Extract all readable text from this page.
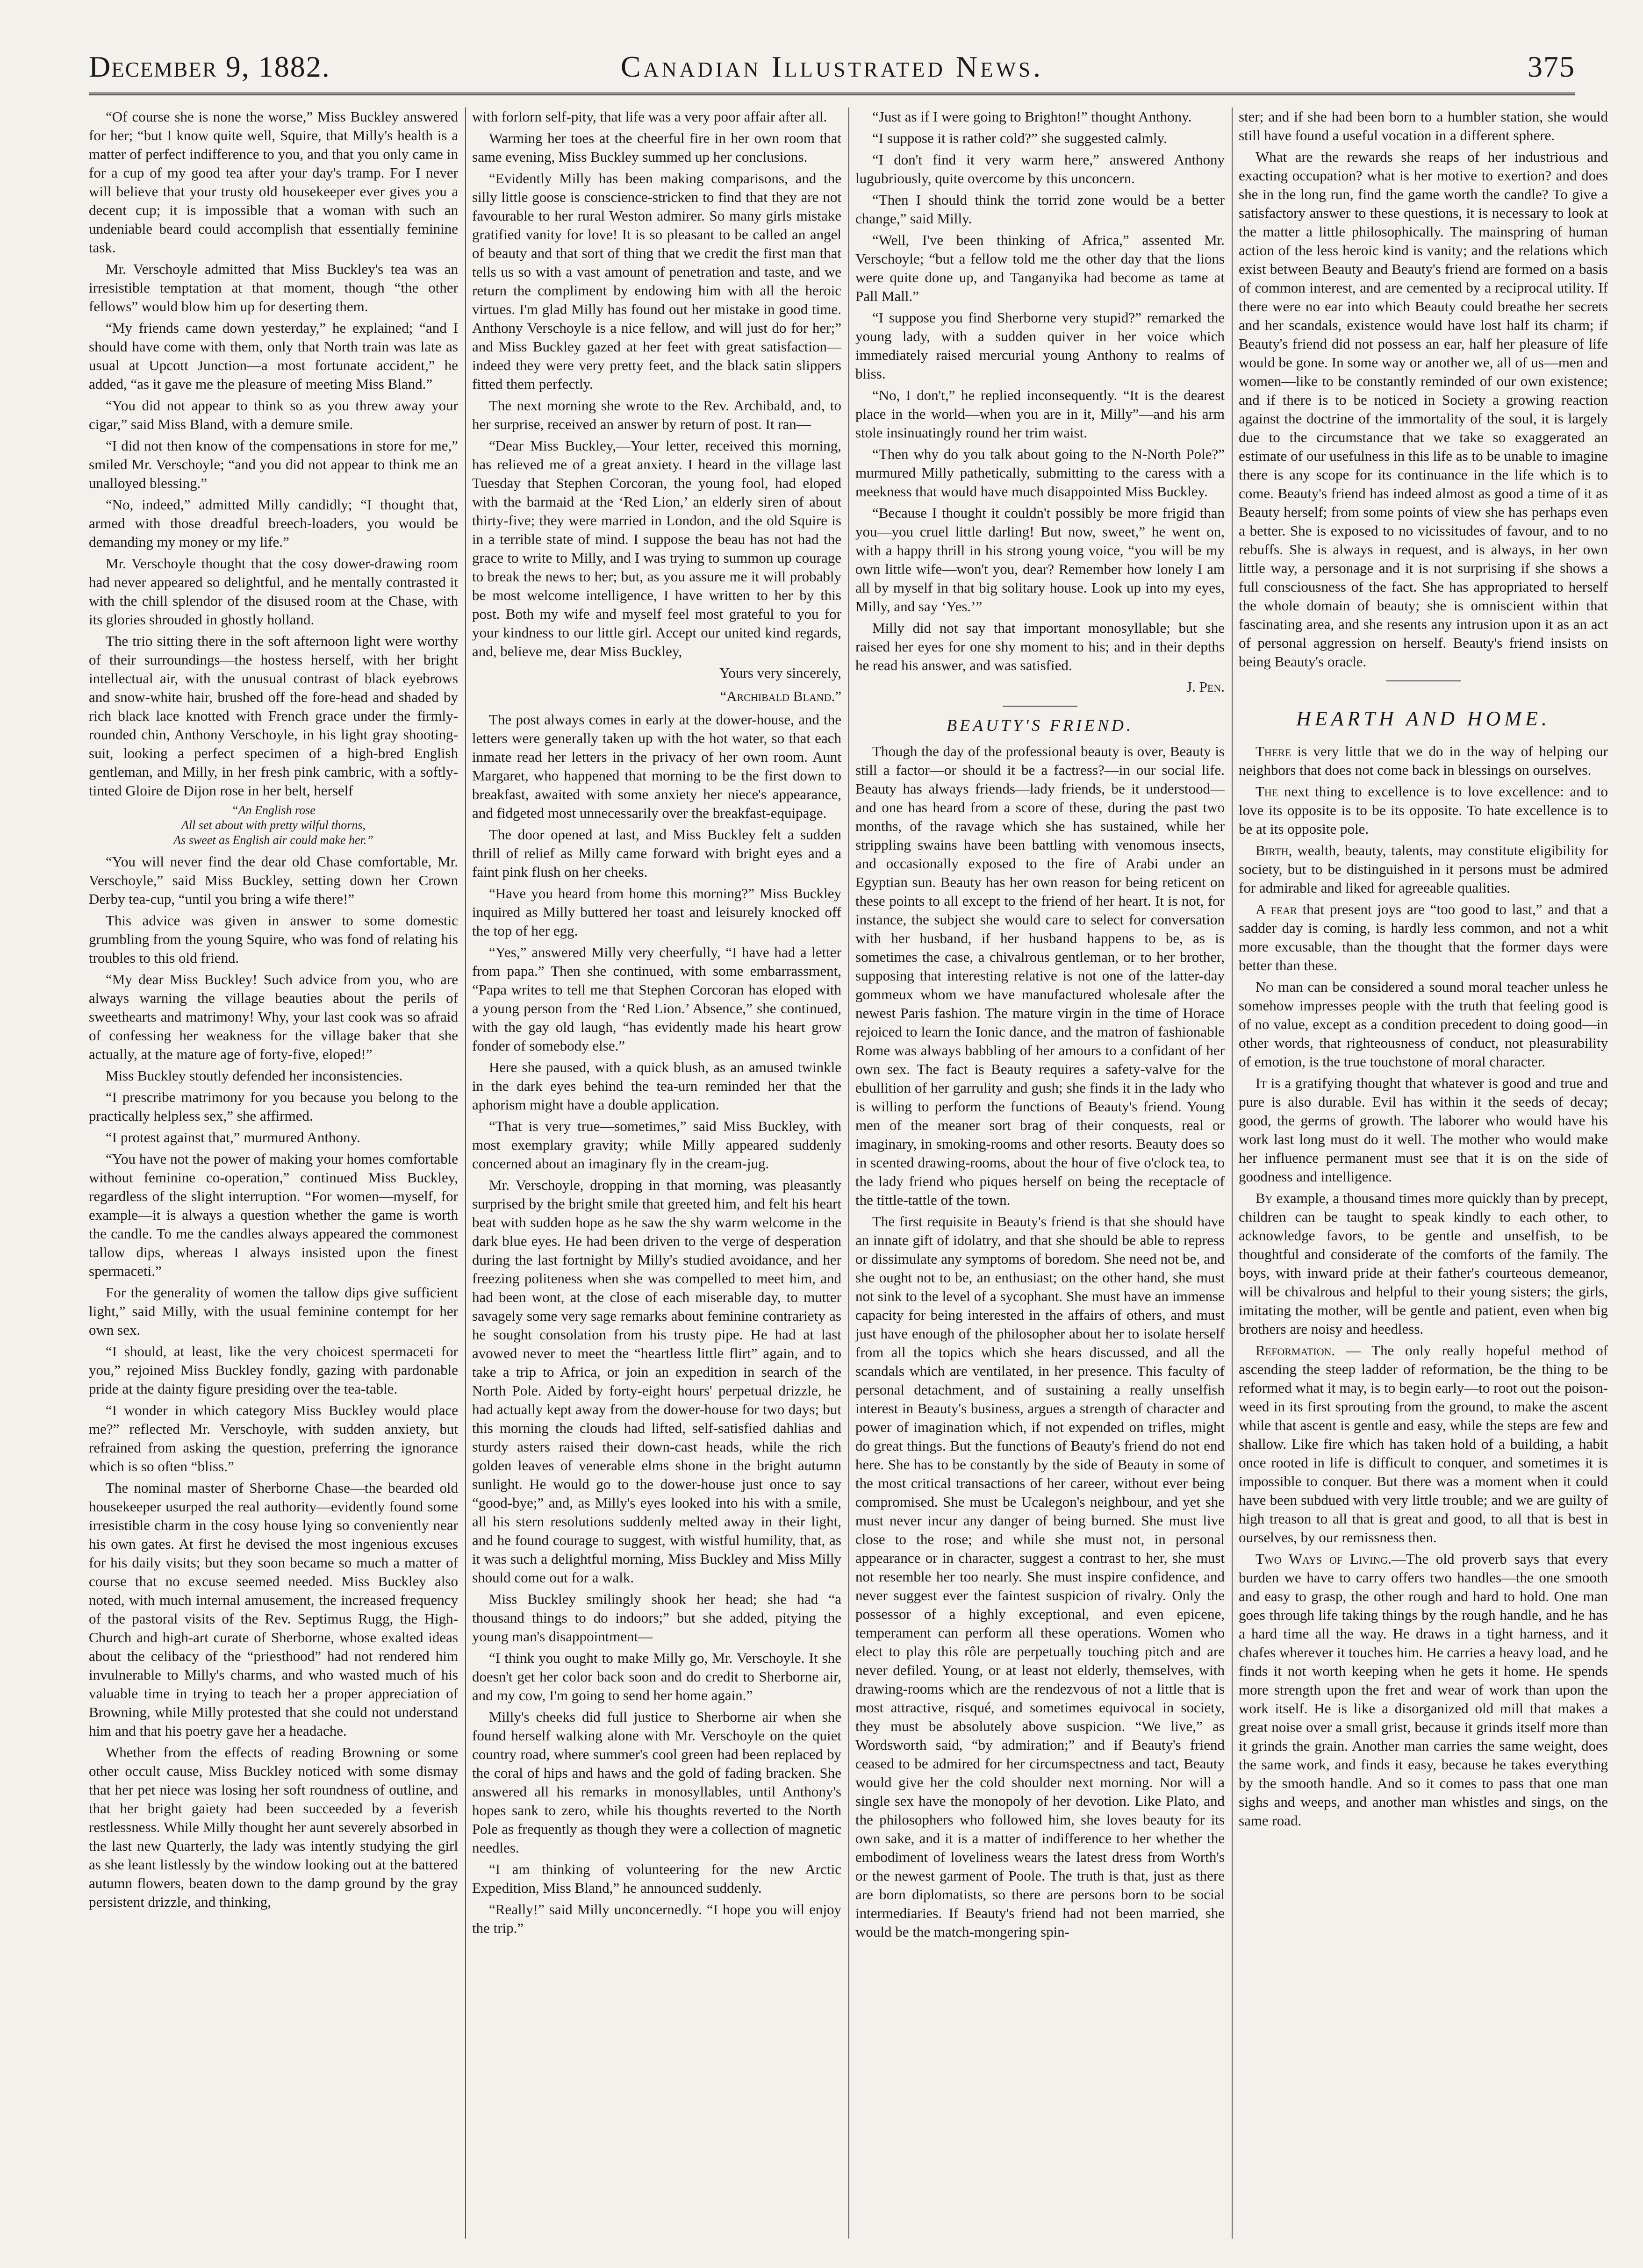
December 9, 1882.	Canadian Illustrated News.	375

“Of course she is none the worse,” Miss Buckley answered for her; “but I know quite well, Squire, that Milly's health is a matter of perfect indifference to you, and that you only came in for a cup of my good tea after your day's tramp. For I never will believe that your trusty old housekeeper ever gives you a decent cup; it is impossible that a woman with such an undeniable beard could accomplish that essentially feminine task.

Mr. Verschoyle admitted that Miss Buckley's tea was an irresistible temptation at that moment, though “the other fellows” would blow him up for deserting them.

“My friends came down yesterday,” he explained; “and I should have come with them, only that North train was late as usual at Upcott Junction—a most fortunate accident,” he added, “as it gave me the pleasure of meeting Miss Bland.”

“You did not appear to think so as you threw away your cigar,” said Miss Bland, with a demure smile.

“I did not then know of the compensations in store for me,” smiled Mr. Verschoyle; “and you did not appear to think me an unalloyed blessing.”

“No, indeed,” admitted Milly candidly; “I thought that, armed with those dreadful breech-loaders, you would be demanding my money or my life.”

Mr. Verschoyle thought that the cosy dower-drawing room had never appeared so delightful, and he mentally contrasted it with the chill splendor of the disused room at the Chase, with its glories shrouded in ghostly holland.

The trio sitting there in the soft afternoon light were worthy of their surroundings—the hostess herself, with her bright intellectual air, with the unusual contrast of black eyebrows and snow-white hair, brushed off the fore-head and shaded by rich black lace knotted with French grace under the firmly-rounded chin, Anthony Verschoyle, in his light gray shooting-suit, looking a perfect specimen of a high-bred English gentleman, and Milly, in her fresh pink cambric, with a softly-tinted Gloire de Dijon rose in her belt, herself

“An English rose
All set about with pretty wilful thorns,
As sweet as English air could make her.”

“You will never find the dear old Chase comfortable, Mr. Verschoyle,” said Miss Buckley, setting down her Crown Derby tea-cup, “until you bring a wife there!”

This advice was given in answer to some domestic grumbling from the young Squire, who was fond of relating his troubles to this old friend.

“My dear Miss Buckley! Such advice from you, who are always warning the village beauties about the perils of sweethearts and matrimony! Why, your last cook was so afraid of confessing her weakness for the village baker that she actually, at the mature age of forty-five, eloped!”

Miss Buckley stoutly defended her inconsistencies.

“I prescribe matrimony for you because you belong to the practically helpless sex,” she affirmed.

“I protest against that,” murmured Anthony.

“You have not the power of making your homes comfortable without feminine co-operation,” continued Miss Buckley, regardless of the slight interruption. “For women—myself, for example—it is always a question whether the game is worth the candle. To me the candles always appeared the commonest tallow dips, whereas I always insisted upon the finest spermaceti.”

For the generality of women the tallow dips give sufficient light,” said Milly, with the usual feminine contempt for her own sex.

“I should, at least, like the very choicest spermaceti for you,” rejoined Miss Buckley fondly, gazing with pardonable pride at the dainty figure presiding over the tea-table.

“I wonder in which category Miss Buckley would place me?” reflected Mr. Verschoyle, with sudden anxiety, but refrained from asking the question, preferring the ignorance which is so often “bliss.”

The nominal master of Sherborne Chase—the bearded old housekeeper usurped the real authority—evidently found some irresistible charm in the cosy house lying so conveniently near his own gates. At first he devised the most ingenious excuses for his daily visits; but they soon became so much a matter of course that no excuse seemed needed. Miss Buckley also noted, with much internal amusement, the increased frequency of the pastoral visits of the Rev. Septimus Rugg, the High-Church and high-art curate of Sherborne, whose exalted ideas about the celibacy of the “priesthood” had not rendered him invulnerable to Milly's charms, and who wasted much of his valuable time in trying to teach her a proper appreciation of Browning, while Milly protested that she could not understand him and that his poetry gave her a headache.

Whether from the effects of reading Browning or some other occult cause, Miss Buckley noticed with some dismay that her pet niece was losing her soft roundness of outline, and that her bright gaiety had been succeeded by a feverish restlessness. While Milly thought her aunt severely absorbed in the last new Quarterly, the lady was intently studying the girl as she leant listlessly by the window looking out at the battered autumn flowers, beaten down to the damp ground by the gray persistent drizzle, and thinking,

with forlorn self-pity, that life was a very poor affair after all.

Warming her toes at the cheerful fire in her own room that same evening, Miss Buckley summed up her conclusions.

“Evidently Milly has been making comparisons, and the silly little goose is conscience-stricken to find that they are not favourable to her rural Weston admirer. So many girls mistake gratified vanity for love! It is so pleasant to be called an angel of beauty and that sort of thing that we credit the first man that tells us so with a vast amount of penetration and taste, and we return the compliment by endowing him with all the heroic virtues. I'm glad Milly has found out her mistake in good time. Anthony Verschoyle is a nice fellow, and will just do for her;” and Miss Buckley gazed at her feet with great satisfaction—indeed they were very pretty feet, and the black satin slippers fitted them perfectly.

The next morning she wrote to the Rev. Archibald, and, to her surprise, received an answer by return of post. It ran—

“Dear Miss Buckley,—Your letter, received this morning, has relieved me of a great anxiety. I heard in the village last Tuesday that Stephen Corcoran, the young fool, had eloped with the barmaid at the ‘Red Lion,’ an elderly siren of about thirty-five; they were married in London, and the old Squire is in a terrible state of mind. I suppose the beau has not had the grace to write to Milly, and I was trying to summon up courage to break the news to her; but, as you assure me it will probably be most welcome intelligence, I have written to her by this post. Both my wife and myself feel most grateful to you for your kindness to our little girl. Accept our united kind regards, and, believe me, dear Miss Buckley,

Yours very sincerely,
“Archibald Bland.”

The post always comes in early at the dower-house, and the letters were generally taken up with the hot water, so that each inmate read her letters in the privacy of her own room. Aunt Margaret, who happened that morning to be the first down to breakfast, awaited with some anxiety her niece's appearance, and fidgeted most unnecessarily over the breakfast-equipage.

The door opened at last, and Miss Buckley felt a sudden thrill of relief as Milly came forward with bright eyes and a faint pink flush on her cheeks.

“Have you heard from home this morning?” Miss Buckley inquired as Milly buttered her toast and leisurely knocked off the top of her egg.

“Yes,” answered Milly very cheerfully, “I have had a letter from papa.” Then she continued, with some embarrassment, “Papa writes to tell me that Stephen Corcoran has eloped with a young person from the ‘Red Lion.’ Absence,” she continued, with the gay old laugh, “has evidently made his heart grow fonder of somebody else.”

Here she paused, with a quick blush, as an amused twinkle in the dark eyes behind the tea-urn reminded her that the aphorism might have a double application.

“That is very true—sometimes,” said Miss Buckley, with most exemplary gravity; while Milly appeared suddenly concerned about an imaginary fly in the cream-jug.

Mr. Verschoyle, dropping in that morning, was pleasantly surprised by the bright smile that greeted him, and felt his heart beat with sudden hope as he saw the shy warm welcome in the dark blue eyes. He had been driven to the verge of desperation during the last fortnight by Milly's studied avoidance, and her freezing politeness when she was compelled to meet him, and had been wont, at the close of each miserable day, to mutter savagely some very sage remarks about feminine contrariety as he sought consolation from his trusty pipe. He had at last avowed never to meet the “heartless little flirt” again, and to take a trip to Africa, or join an expedition in search of the North Pole. Aided by forty-eight hours' perpetual drizzle, he had actually kept away from the dower-house for two days; but this morning the clouds had lifted, self-satisfied dahlias and sturdy asters raised their down-cast heads, while the rich golden leaves of venerable elms shone in the bright autumn sunlight. He would go to the dower-house just once to say “good-bye;” and, as Milly's eyes looked into his with a smile, all his stern resolutions suddenly melted away in their light, and he found courage to suggest, with wistful humility, that, as it was such a delightful morning, Miss Buckley and Miss Milly should come out for a walk.

Miss Buckley smilingly shook her head; she had “a thousand things to do indoors;” but she added, pitying the young man's disappointment—

“I think you ought to make Milly go, Mr. Verschoyle. It she doesn't get her color back soon and do credit to Sherborne air, and my cow, I'm going to send her home again.”

Milly's cheeks did full justice to Sherborne air when she found herself walking alone with Mr. Verschoyle on the quiet country road, where summer's cool green had been replaced by the coral of hips and haws and the gold of fading bracken. She answered all his remarks in monosyllables, until Anthony's hopes sank to zero, while his thoughts reverted to the North Pole as frequently as though they were a collection of magnetic needles.

“I am thinking of volunteering for the new Arctic Expedition, Miss Bland,” he announced suddenly.

“Really!” said Milly unconcernedly. “I hope you will enjoy the trip.”

“Just as if I were going to Brighton!” thought Anthony.

“I suppose it is rather cold?” she suggested calmly.

“I don't find it very warm here,” answered Anthony lugubriously, quite overcome by this unconcern.

“Then I should think the torrid zone would be a better change,” said Milly.

“Well, I've been thinking of Africa,” assented Mr. Verschoyle; “but a fellow told me the other day that the lions were quite done up, and Tanganyika had become as tame at Pall Mall.”

“I suppose you find Sherborne very stupid?” remarked the young lady, with a sudden quiver in her voice which immediately raised mercurial young Anthony to realms of bliss.

“No, I don't,” he replied inconsequently. “It is the dearest place in the world—when you are in it, Milly”—and his arm stole insinuatingly round her trim waist.

“Then why do you talk about going to the N-North Pole?” murmured Milly pathetically, submitting to the caress with a meekness that would have much disappointed Miss Buckley.

“Because I thought it couldn't possibly be more frigid than you—you cruel little darling! But now, sweet,” he went on, with a happy thrill in his strong young voice, “you will be my own little wife—won't you, dear? Remember how lonely I am all by myself in that big solitary house. Look up into my eyes, Milly, and say ‘Yes.’”

Milly did not say that important monosyllable; but she raised her eyes for one shy moment to his; and in their depths he read his answer, and was satisfied.

J. Pen.
BEAUTY'S FRIEND.

Though the day of the professional beauty is over, Beauty is still a factor—or should it be a factress?—in our social life. Beauty has always friends—lady friends, be it understood—and one has heard from a score of these, during the past two months, of the ravage which she has sustained, while her strippling swains have been battling with venomous insects, and occasionally exposed to the fire of Arabi under an Egyptian sun. Beauty has her own reason for being reticent on these points to all except to the friend of her heart. It is not, for instance, the subject she would care to select for conversation with her husband, if her husband happens to be, as is sometimes the case, a chivalrous gentleman, or to her brother, supposing that interesting relative is not one of the latter-day gommeux whom we have manufactured wholesale after the newest Paris fashion. The mature virgin in the time of Horace rejoiced to learn the Ionic dance, and the matron of fashionable Rome was always babbling of her amours to a confidant of her own sex. The fact is Beauty requires a safety-valve for the ebullition of her garrulity and gush; she finds it in the lady who is willing to perform the functions of Beauty's friend. Young men of the meaner sort brag of their conquests, real or imaginary, in smoking-rooms and other resorts. Beauty does so in scented drawing-rooms, about the hour of five o'clock tea, to the lady friend who piques herself on being the receptacle of the tittle-tattle of the town.

The first requisite in Beauty's friend is that she should have an innate gift of idolatry, and that she should be able to repress or dissimulate any symptoms of boredom. She need not be, and she ought not to be, an enthusiast; on the other hand, she must not sink to the level of a sycophant. She must have an immense capacity for being interested in the affairs of others, and must just have enough of the philosopher about her to isolate herself from all the topics which she hears discussed, and all the scandals which are ventilated, in her presence. This faculty of personal detachment, and of sustaining a really unselfish interest in Beauty's business, argues a strength of character and power of imagination which, if not expended on trifles, might do great things. But the functions of Beauty's friend do not end here. She has to be constantly by the side of Beauty in some of the most critical transactions of her career, without ever being compromised. She must be Ucalegon's neighbour, and yet she must never incur any danger of being burned. She must live close to the rose; and while she must not, in personal appearance or in character, suggest a contrast to her, she must not resemble her too nearly. She must inspire confidence, and never suggest ever the faintest suspicion of rivalry. Only the possessor of a highly exceptional, and even epicene, temperament can perform all these operations. Women who elect to play this rôle are perpetually touching pitch and are never defiled. Young, or at least not elderly, themselves, with drawing-rooms which are the rendezvous of not a little that is most attractive, risqué, and sometimes equivocal in society, they must be absolutely above suspicion. “We live,” as Wordsworth said, “by admiration;” and if Beauty's friend ceased to be admired for her circumspectness and tact, Beauty would give her the cold shoulder next morning. Nor will a single sex have the monopoly of her devotion. Like Plato, and the philosophers who followed him, she loves beauty for its own sake, and it is a matter of indifference to her whether the embodiment of loveliness wears the latest dress from Worth's or the newest garment of Poole. The truth is that, just as there are born diplomatists, so there are persons born to be social intermediaries. If Beauty's friend had not been married, she would be the match-mongering spin-

ster; and if she had been born to a humbler station, she would still have found a useful vocation in a different sphere.

What are the rewards she reaps of her industrious and exacting occupation? what is her motive to exertion? and does she in the long run, find the game worth the candle? To give a satisfactory answer to these questions, it is necessary to look at the matter a little philosophically. The mainspring of human action of the less heroic kind is vanity; and the relations which exist between Beauty and Beauty's friend are formed on a basis of common interest, and are cemented by a reciprocal utility. If there were no ear into which Beauty could breathe her secrets and her scandals, existence would have lost half its charm; if Beauty's friend did not possess an ear, half her pleasure of life would be gone. In some way or another we, all of us—men and women—like to be constantly reminded of our own existence; and if there is to be noticed in Society a growing reaction against the doctrine of the immortality of the soul, it is largely due to the circumstance that we take so exaggerated an estimate of our usefulness in this life as to be unable to imagine there is any scope for its continuance in the life which is to come. Beauty's friend has indeed almost as good a time of it as Beauty herself; from some points of view she has perhaps even a better. She is exposed to no vicissitudes of favour, and to no rebuffs. She is always in request, and is always, in her own little way, a personage and it is not surprising if she shows a full consciousness of the fact. She has appropriated to herself the whole domain of beauty; she is omniscient within that fascinating area, and she resents any intrusion upon it as an act of personal aggression on herself. Beauty's friend insists on being Beauty's oracle.

HEARTH AND HOME.

There is very little that we do in the way of helping our neighbors that does not come back in blessings on ourselves.

The next thing to excellence is to love excellence: and to love its opposite is to be its opposite. To hate excellence is to be at its opposite pole.

Birth, wealth, beauty, talents, may constitute eligibility for society, but to be distinguished in it persons must be admired for admirable and liked for agreeable qualities.

A fear that present joys are “too good to last,” and that a sadder day is coming, is hardly less common, and not a whit more excusable, than the thought that the former days were better than these.

No man can be considered a sound moral teacher unless he somehow impresses people with the truth that feeling good is of no value, except as a condition precedent to doing good—in other words, that righteousness of conduct, not pleasurability of emotion, is the true touchstone of moral character.

It is a gratifying thought that whatever is good and true and pure is also durable. Evil has within it the seeds of decay; good, the germs of growth. The laborer who would have his work last long must do it well. The mother who would make her influence permanent must see that it is on the side of goodness and intelligence.

By example, a thousand times more quickly than by precept, children can be taught to speak kindly to each other, to acknowledge favors, to be gentle and unselfish, to be thoughtful and considerate of the comforts of the family. The boys, with inward pride at their father's courteous demeanor, will be chivalrous and helpful to their young sisters; the girls, imitating the mother, will be gentle and patient, even when big brothers are noisy and heedless.

Reformation. — The only really hopeful method of ascending the steep ladder of reformation, be the thing to be reformed what it may, is to begin early—to root out the poison-weed in its first sprouting from the ground, to make the ascent while that ascent is gentle and easy, while the steps are few and shallow. Like fire which has taken hold of a building, a habit once rooted in life is difficult to conquer, and sometimes it is impossible to conquer. But there was a moment when it could have been subdued with very little trouble; and we are guilty of high treason to all that is great and good, to all that is best in ourselves, by our remissness then.

Two Ways of Living.—The old proverb says that every burden we have to carry offers two handles—the one smooth and easy to grasp, the other rough and hard to hold. One man goes through life taking things by the rough handle, and he has a hard time all the way. He draws in a tight harness, and it chafes wherever it touches him. He carries a heavy load, and he finds it not worth keeping when he gets it home. He spends more strength upon the fret and wear of work than upon the work itself. He is like a disorganized old mill that makes a great noise over a small grist, because it grinds itself more than it grinds the grain. Another man carries the same weight, does the same work, and finds it easy, because he takes everything by the smooth handle. And so it comes to pass that one man sighs and weeps, and another man whistles and sings, on the same road.
